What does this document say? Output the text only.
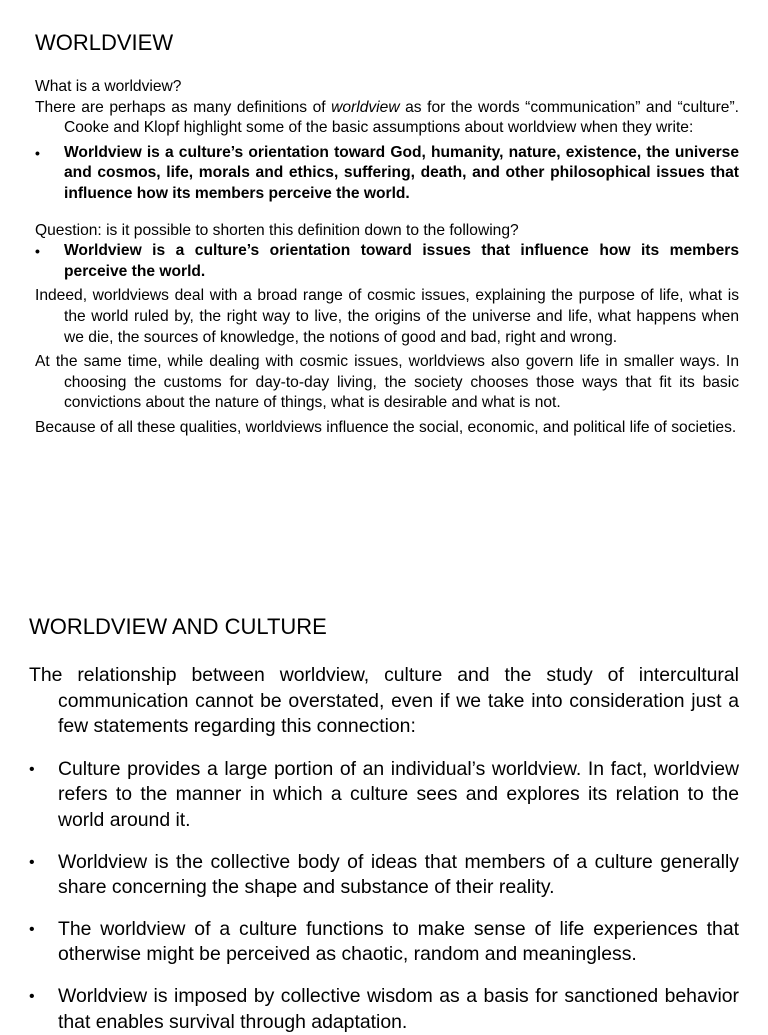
WORLDVIEW

What is a worldview?

There are perhaps as many definitions of worldview as for the words “communication” and “culture”. Cooke and Klopf highlight some of the basic assumptions about worldview when they write:

• Worldview is a culture’s orientation toward God, humanity, nature, existence, the universe and cosmos, life, morals and ethics, suffering, death, and other philosophical issues that influence how its members perceive the world.

Question: is it possible to shorten this definition down to the following?

• Worldview is a culture’s orientation toward issues that influence how its members perceive the world.

Indeed, worldviews deal with a broad range of cosmic issues, explaining the purpose of life, what is the world ruled by, the right way to live, the origins of the universe and life, what happens when we die, the sources of knowledge, the notions of good and bad, right and wrong.

At the same time, while dealing with cosmic issues, worldviews also govern life in smaller ways. In choosing the customs for day-to-day living, the society chooses those ways that fit its basic convictions about the nature of things, what is desirable and what is not.

Because of all these qualities, worldviews influence the social, economic, and political life of societies.

WORLDVIEW AND CULTURE

The relationship between worldview, culture and the study of intercultural communication cannot be overstated, even if we take into consideration just a few statements regarding this connection:

• Culture provides a large portion of an individual’s worldview. In fact, worldview refers to the manner in which a culture sees and explores its relation to the world around it.
• Worldview is the collective body of ideas that members of a culture generally share concerning the shape and substance of their reality.
• The worldview of a culture functions to make sense of life experiences that otherwise might be perceived as chaotic, random and meaningless.
• Worldview is imposed by collective wisdom as a basis for sanctioned behavior that enables survival through adaptation.
